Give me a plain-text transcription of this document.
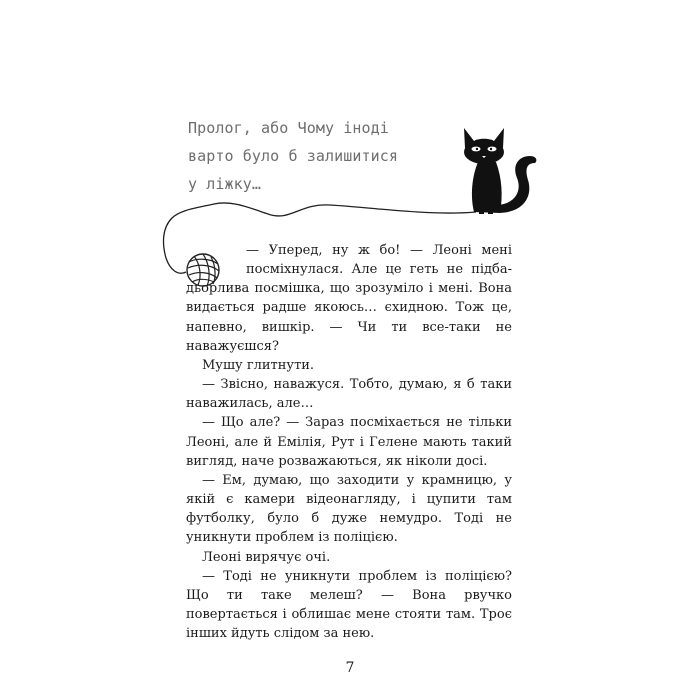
Пролог, або Чому іноді
варто було б залишитися
у ліжку…

— Уперед, ну ж бо! — Леоні мені посміхнулася. Але це геть не підба-дьорлива посмішка, що зрозуміло і мені. Вона видається радше якоюсь… єхидною. Тож це, напевно, вишкір. — Чи ти все-таки не наважуєшся?

Мушу глитнути.

— Звісно, наважуся. Тобто, думаю, я б таки наважилась, але…

— Що але? — Зараз посміхається не тільки Леоні, але й Емілія, Рут і Гелене мають такий вигляд, наче розважаються, як ніколи досі.

— Ем, думаю, що заходити у крамницю, у якій є камери відеонагляду, і цупити там футболку, було б дуже немудро. Тоді не уникнути проблем із поліцією.

Леоні вирячує очі.

— Тоді не уникнути проблем із поліцією? Що ти таке мелеш? — Вона рвучко повертається і облишає мене стояти там. Троє інших йдуть слідом за нею.

7
